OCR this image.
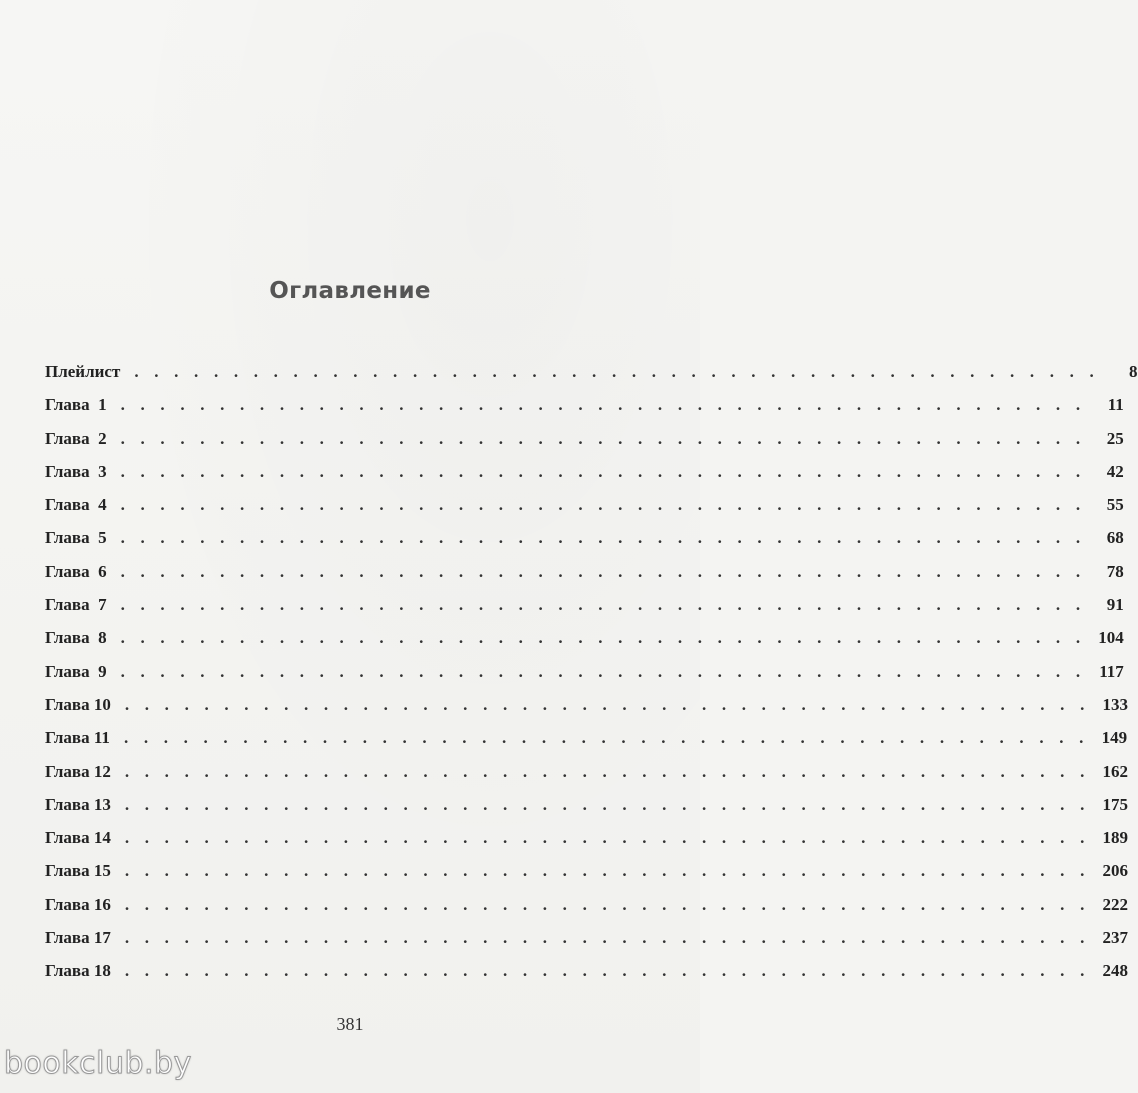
Оглавление
Плейлист . . . . . . . . . . . . . . . . . . . . . . . . . . . . . . . . . . . . . . . . . . . . . . . . .	8
Глава  1 . . . . . . . . . . . . . . . . . . . . . . . . . . . . . . . . . . . . . . . . . . . . . . . . .	11
Глава  2 . . . . . . . . . . . . . . . . . . . . . . . . . . . . . . . . . . . . . . . . . . . . . . . . .	25
Глава  3 . . . . . . . . . . . . . . . . . . . . . . . . . . . . . . . . . . . . . . . . . . . . . . . . .	42
Глава  4 . . . . . . . . . . . . . . . . . . . . . . . . . . . . . . . . . . . . . . . . . . . . . . . . .	55
Глава  5 . . . . . . . . . . . . . . . . . . . . . . . . . . . . . . . . . . . . . . . . . . . . . . . . .	68
Глава  6 . . . . . . . . . . . . . . . . . . . . . . . . . . . . . . . . . . . . . . . . . . . . . . . . .	78
Глава  7 . . . . . . . . . . . . . . . . . . . . . . . . . . . . . . . . . . . . . . . . . . . . . . . . .	91
Глава  8 . . . . . . . . . . . . . . . . . . . . . . . . . . . . . . . . . . . . . . . . . . . . . . . . . 104
Глава  9 . . . . . . . . . . . . . . . . . . . . . . . . . . . . . . . . . . . . . . . . . . . . . . . . . 117
Глава 10 . . . . . . . . . . . . . . . . . . . . . . . . . . . . . . . . . . . . . . . . . . . . . . . . . 133
Глава 11 . . . . . . . . . . . . . . . . . . . . . . . . . . . . . . . . . . . . . . . . . . . . . . . . . 149
Глава 12 . . . . . . . . . . . . . . . . . . . . . . . . . . . . . . . . . . . . . . . . . . . . . . . . . 162
Глава 13 . . . . . . . . . . . . . . . . . . . . . . . . . . . . . . . . . . . . . . . . . . . . . . . . . 175
Глава 14 . . . . . . . . . . . . . . . . . . . . . . . . . . . . . . . . . . . . . . . . . . . . . . . . . 189
Глава 15 . . . . . . . . . . . . . . . . . . . . . . . . . . . . . . . . . . . . . . . . . . . . . . . . . 206
Глава 16 . . . . . . . . . . . . . . . . . . . . . . . . . . . . . . . . . . . . . . . . . . . . . . . . . 222
Глава 17 . . . . . . . . . . . . . . . . . . . . . . . . . . . . . . . . . . . . . . . . . . . . . . . . . 237
Глава 18 . . . . . . . . . . . . . . . . . . . . . . . . . . . . . . . . . . . . . . . . . . . . . . . . . 248
381
bookclub.by
